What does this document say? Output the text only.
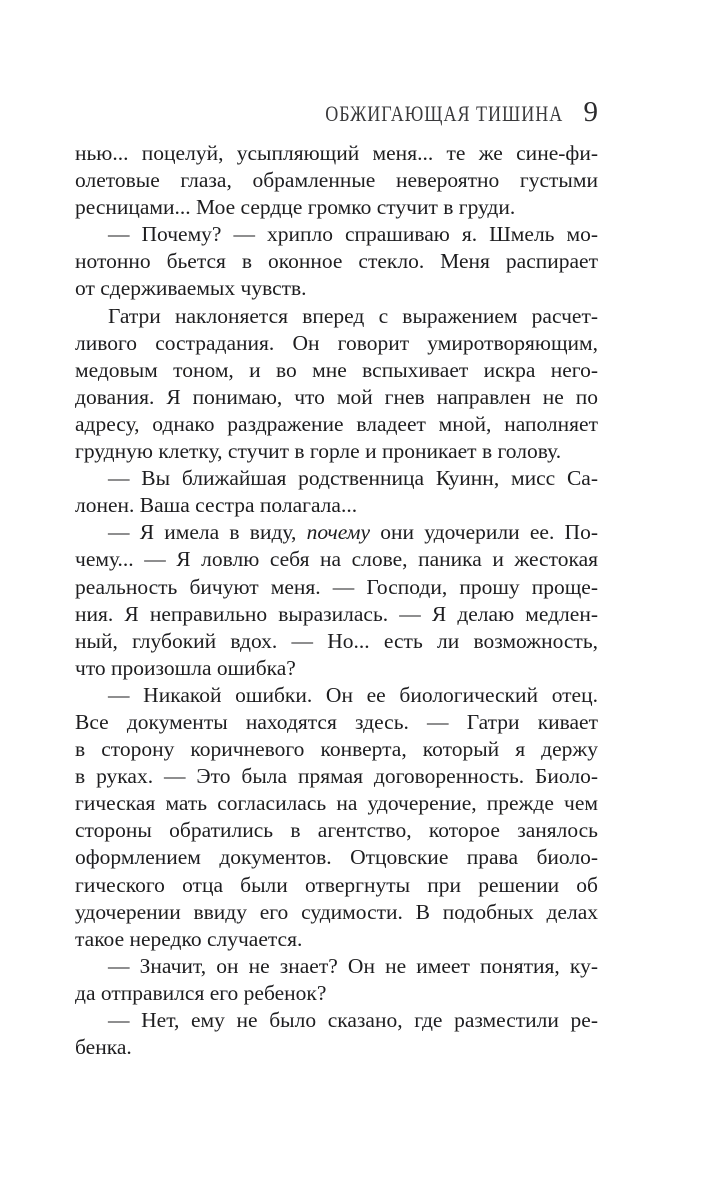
ОБЖИГАЮЩАЯ ТИШИНА 9

нью... поцелуй, усыпляющий меня... те же сине-фи-
олетовые глаза, обрамленные невероятно густыми
ресницами... Мое сердце громко стучит в груди.

— Почему? — хрипло спрашиваю я. Шмель мо-
нотонно бьется в оконное стекло. Меня распирает
от сдерживаемых чувств.

Гатри наклоняется вперед с выражением расчет-
ливого сострадания. Он говорит умиротворяющим,
медовым тоном, и во мне вспыхивает искра него-
дования. Я понимаю, что мой гнев направлен не по
адресу, однако раздражение владеет мной, наполняет
грудную клетку, стучит в горле и проникает в голову.

— Вы ближайшая родственница Куинн, мисс Са-
лонен. Ваша сестра полагала...

— Я имела в виду, почему они удочерили ее. По-
чему... — Я ловлю себя на слове, паника и жестокая
реальность бичуют меня. — Господи, прошу проще-
ния. Я неправильно выразилась. — Я делаю медлен-
ный, глубокий вдох. — Но... есть ли возможность,
что произошла ошибка?

— Никакой ошибки. Он ее биологический отец.
Все документы находятся здесь. — Гатри кивает
в сторону коричневого конверта, который я держу
в руках. — Это была прямая договоренность. Биоло-
гическая мать согласилась на удочерение, прежде чем
стороны обратились в агентство, которое занялось
оформлением документов. Отцовские права биоло-
гического отца были отвергнуты при решении об
удочерении ввиду его судимости. В подобных делах
такое нередко случается.

— Значит, он не знает? Он не имеет понятия, ку-
да отправился его ребенок?

— Нет, ему не было сказано, где разместили ре-
бенка.
